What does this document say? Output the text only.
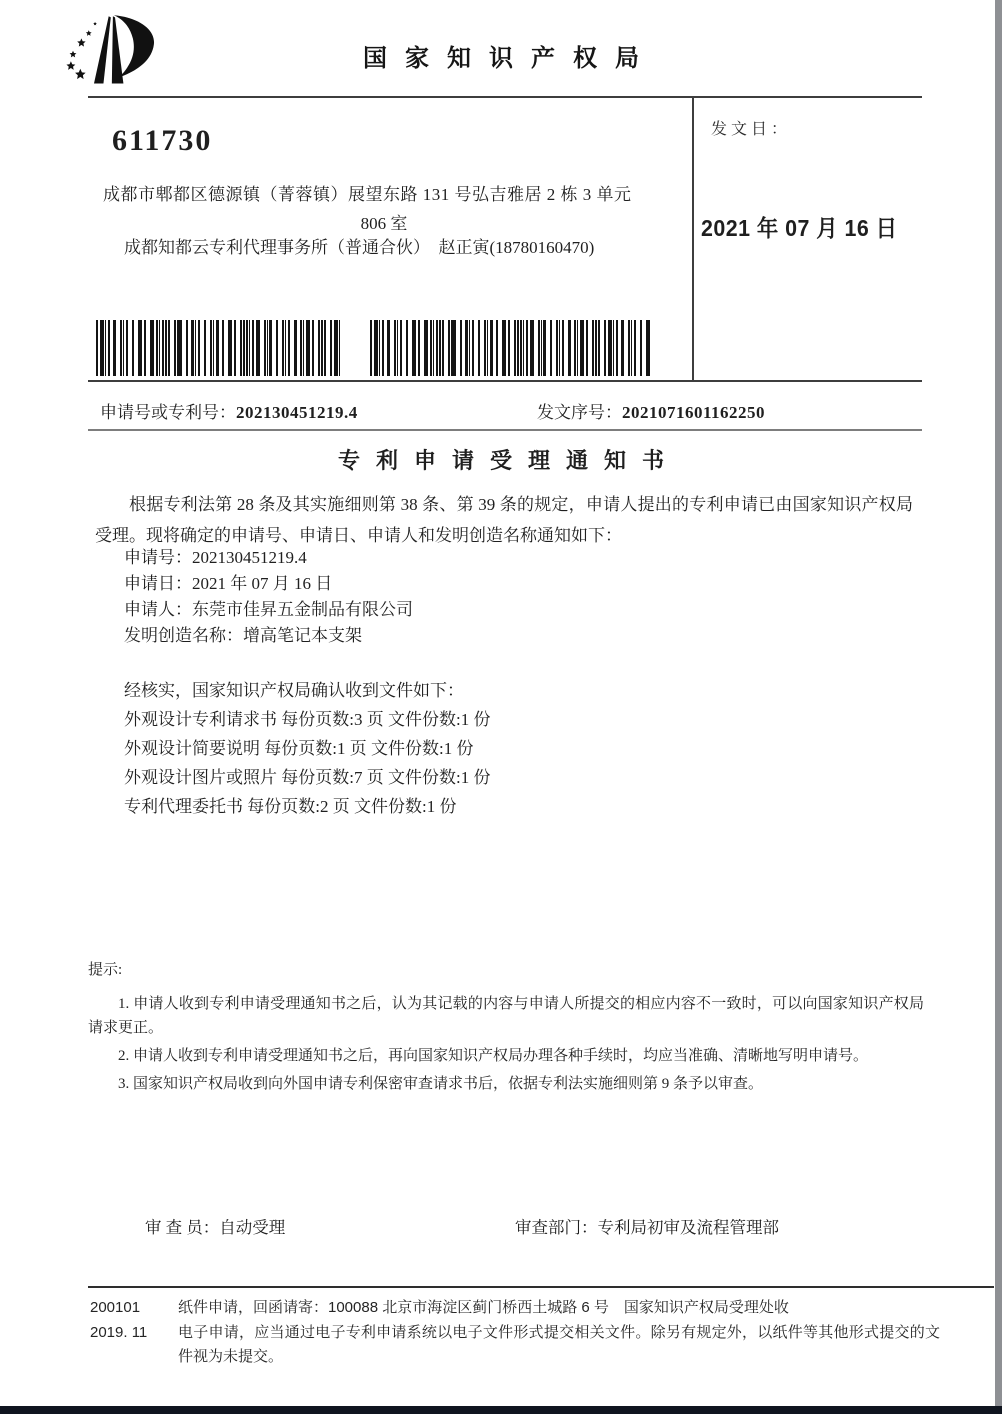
国家知识产权局
611730
成都市郫都区德源镇（菁蓉镇）展望东路 131 号弘吉雅居 2 栋 3 单元
806 室
成都知都云专利代理事务所（普通合伙）　赵正寅(18780160470)
发文日：
2021 年 07 月 16 日
申请号或专利号：202130451219.4	发文序号：2021071601162250
专利申请受理通知书

根据专利法第 28 条及其实施细则第 38 条、第 39 条的规定，申请人提出的专利申请已由国家知识产权局受理。现将确定的申请号、申请日、申请人和发明创造名称通知如下：

申请号：202130451219.4
申请日：2021 年 07 月 16 日
申请人：东莞市佳昇五金制品有限公司
发明创造名称：增高笔记本支架
经核实，国家知识产权局确认收到文件如下：
外观设计专利请求书 每份页数:3 页 文件份数:1 份
外观设计简要说明 每份页数:1 页 文件份数:1 份
外观设计图片或照片 每份页数:7 页 文件份数:1 份
专利代理委托书 每份页数:2 页 文件份数:1 份
提示:

1. 申请人收到专利申请受理通知书之后，认为其记载的内容与申请人所提交的相应内容不一致时，可以向国家知识产权局请求更正。

2. 申请人收到专利申请受理通知书之后，再向国家知识产权局办理各种手续时，均应当准确、清晰地写明申请号。

3. 国家知识产权局收到向外国申请专利保密审查请求书后，依据专利法实施细则第 9 条予以审查。

审 查 员：自动受理	审查部门：专利局初审及流程管理部
200101
2019. 11

纸件申请，回函请寄：100088 北京市海淀区蓟门桥西土城路 6 号　国家知识产权局受理处收

电子申请，应当通过电子专利申请系统以电子文件形式提交相关文件。除另有规定外，以纸件等其他形式提交的文件视为未提交。
